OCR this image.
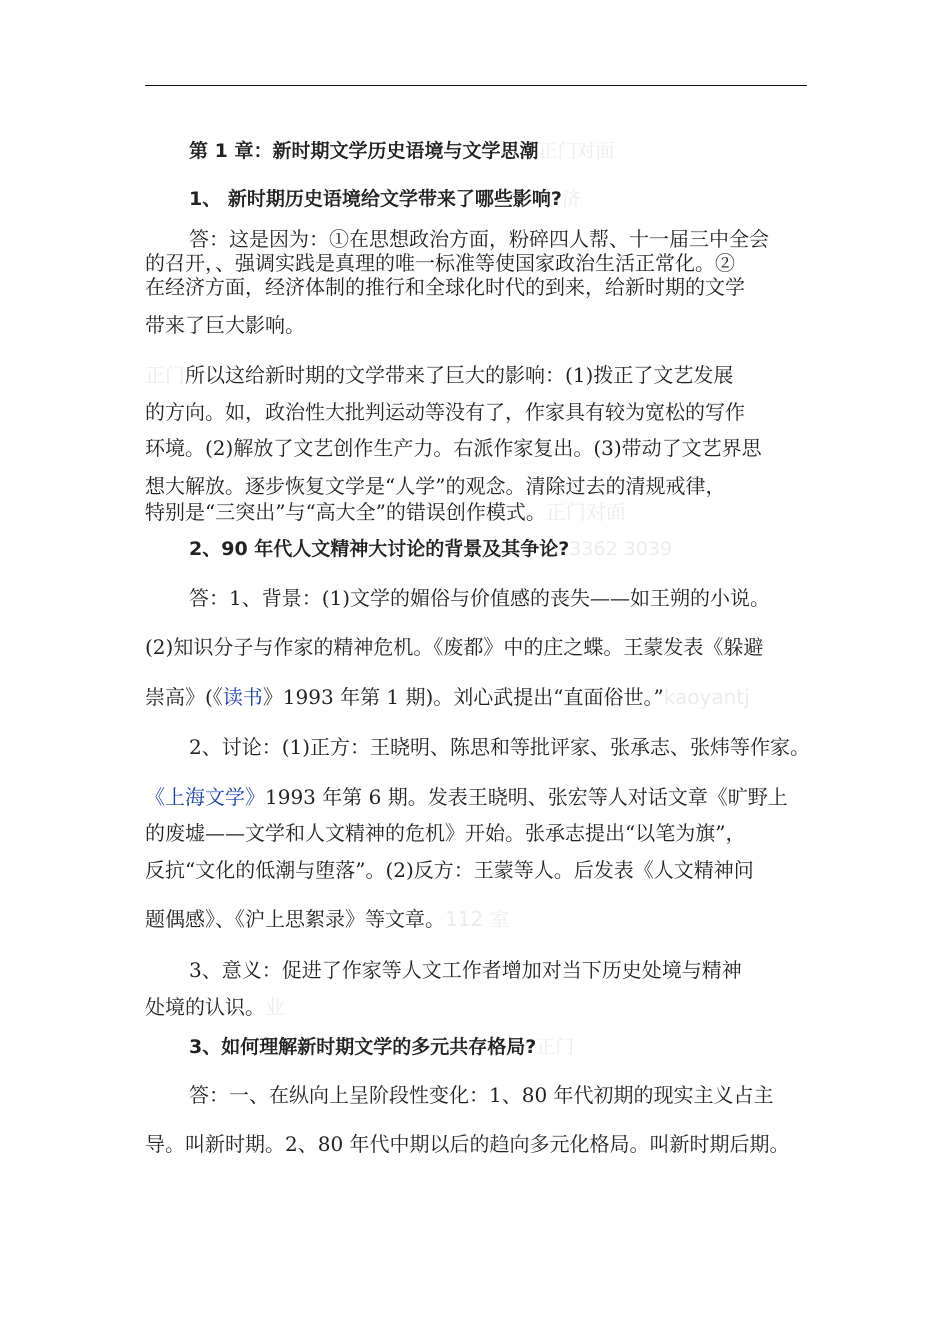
第 1 章：新时期文学历史语境与文学思潮正门对面
1、 新时期历史语境给文学带来了哪些影响?济
答：这是因为：①在思想政治方面，粉碎四人帮、十一届三中全会
的召开，、强调实践是真理的唯一标准等使国家政治生活正常化。②
在经济方面，经济体制的推行和全球化时代的到来，给新时期的文学
带来了巨大影响。
正门所以这给新时期的文学带来了巨大的影响：(1)拨正了文艺发展
的方向。如，政治性大批判运动等没有了，作家具有较为宽松的写作
环境。(2)解放了文艺创作生产力。右派作家复出。(3)带动了文艺界思
想大解放。逐步恢复文学是“人学”的观念。清除过去的清规戒律，
特别是“三突出”与“高大全”的错误创作模式。正门对面
2、90 年代人文精神大讨论的背景及其争论?3362 3039
答：1、背景：(1)文学的媚俗与价值感的丧失——如王朔的小说。
(2)知识分子与作家的精神危机。《废都》中的庄之蝶。王蒙发表《躲避
崇高》(《读书》1993 年第 1 期)。刘心武提出“直面俗世。”kaoyantj
2、讨论：(1)正方：王晓明、陈思和等批评家、张承志、张炜等作家。
《上海文学》1993 年第 6 期。发表王晓明、张宏等人对话文章《旷野上
的废墟——文学和人文精神的危机》开始。张承志提出“以笔为旗”，
反抗“文化的低潮与堕落”。(2)反方：王蒙等人。后发表《人文精神问
题偶感》、《沪上思絮录》等文章。112 室
3、意义：促进了作家等人文工作者增加对当下历史处境与精神
处境的认识。业
3、如何理解新时期文学的多元共存格局?正门
答：一、在纵向上呈阶段性变化：1、80 年代初期的现实主义占主
导。叫新时期。2、80 年代中期以后的趋向多元化格局。叫新时期后期。
